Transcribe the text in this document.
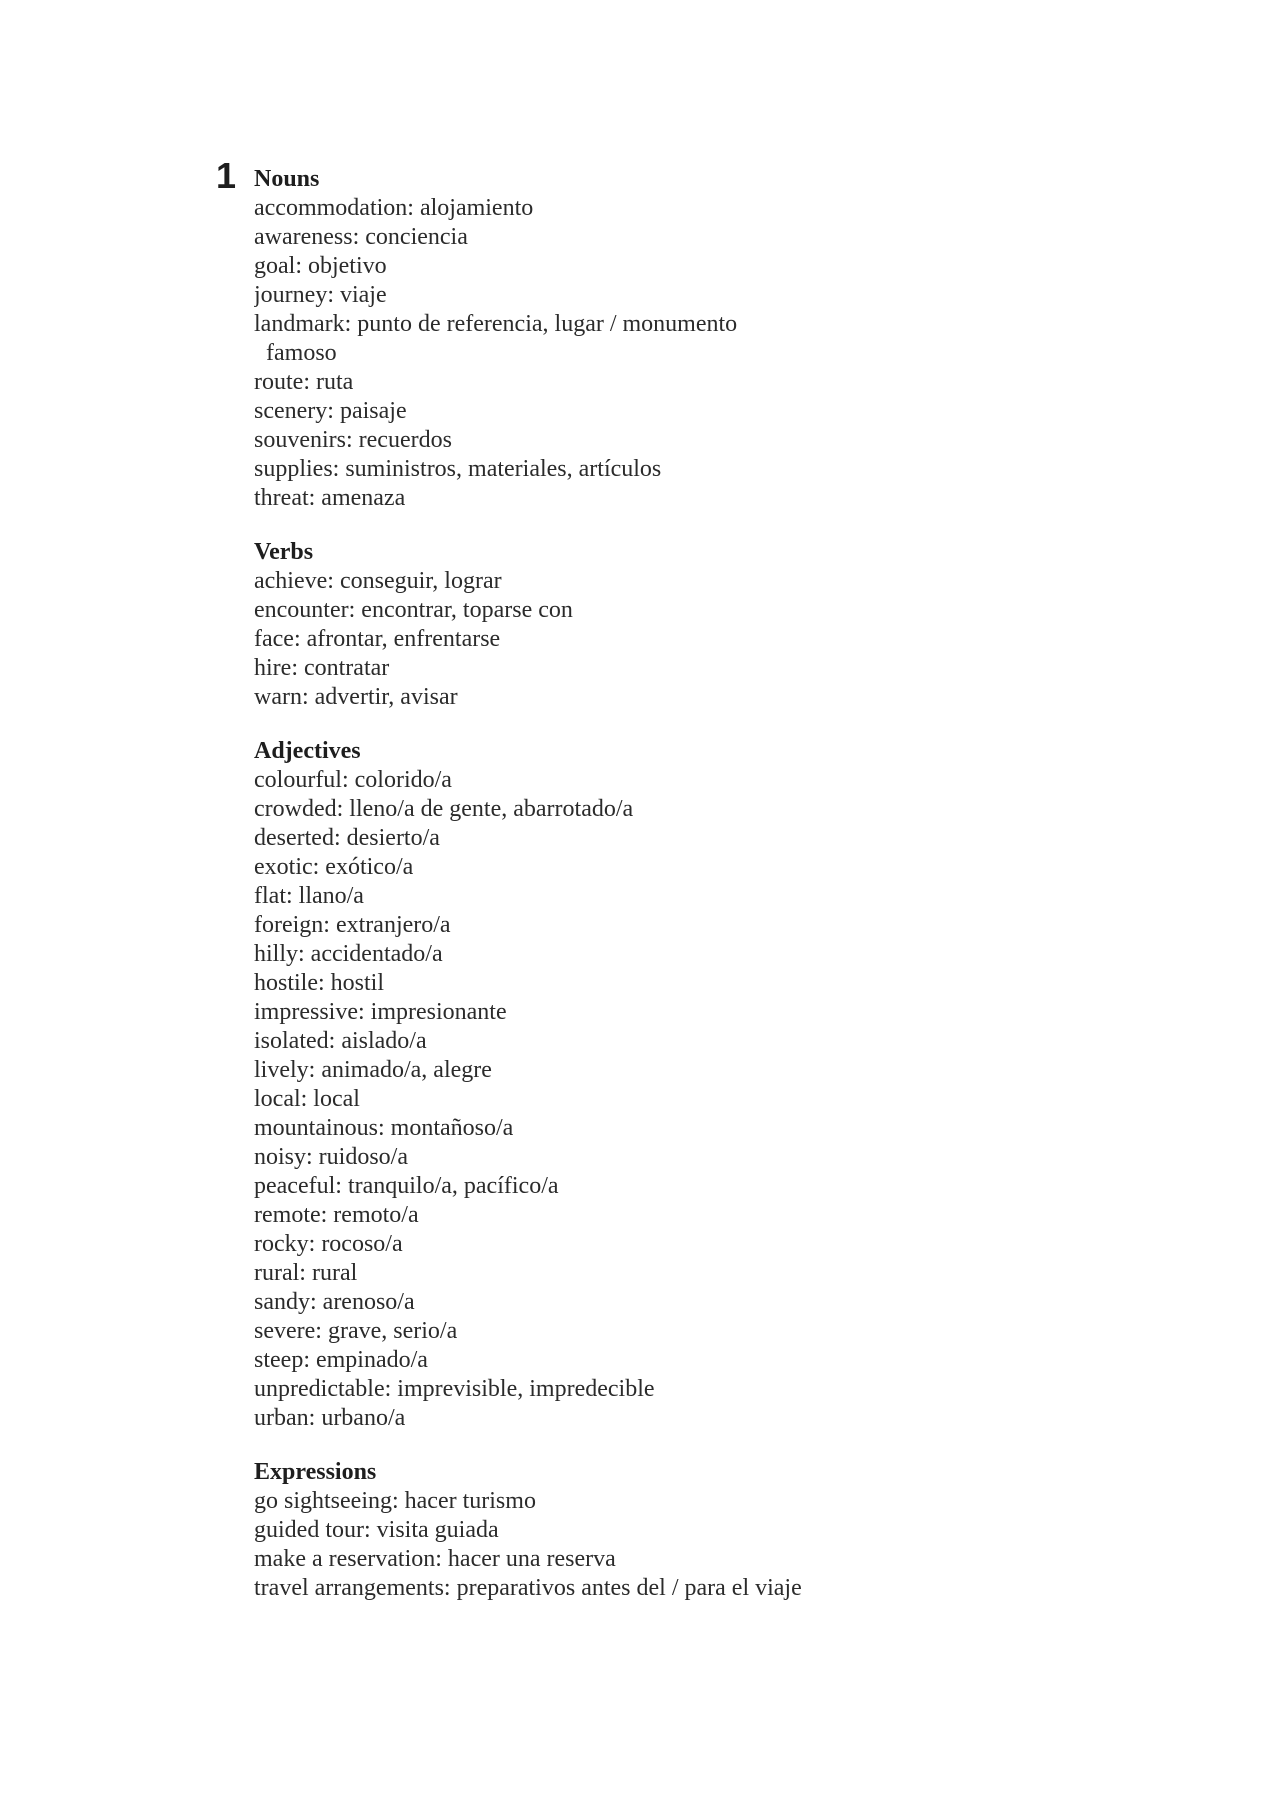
1 Nouns
accommodation: alojamiento
awareness: conciencia
goal: objetivo
journey: viaje
landmark: punto de referencia, lugar / monumento
famoso
route: ruta
scenery: paisaje
souvenirs: recuerdos
supplies: suministros, materiales, artículos
threat: amenaza
Verbs
achieve: conseguir, lograr
encounter: encontrar, toparse con
face: afrontar, enfrentarse
hire: contratar
warn: advertir, avisar
Adjectives
colourful: colorido/a
crowded: lleno/a de gente, abarrotado/a
deserted: desierto/a
exotic: exótico/a
flat: llano/a
foreign: extranjero/a
hilly: accidentado/a
hostile: hostil
impressive: impresionante
isolated: aislado/a
lively: animado/a, alegre
local: local
mountainous: montañoso/a
noisy: ruidoso/a
peaceful: tranquilo/a, pacífico/a
remote: remoto/a
rocky: rocoso/a
rural: rural
sandy: arenoso/a
severe: grave, serio/a
steep: empinado/a
unpredictable: imprevisible, impredecible
urban: urbano/a
Expressions
go sightseeing: hacer turismo
guided tour: visita guiada
make a reservation: hacer una reserva
travel arrangements: preparativos antes del / para el viaje
